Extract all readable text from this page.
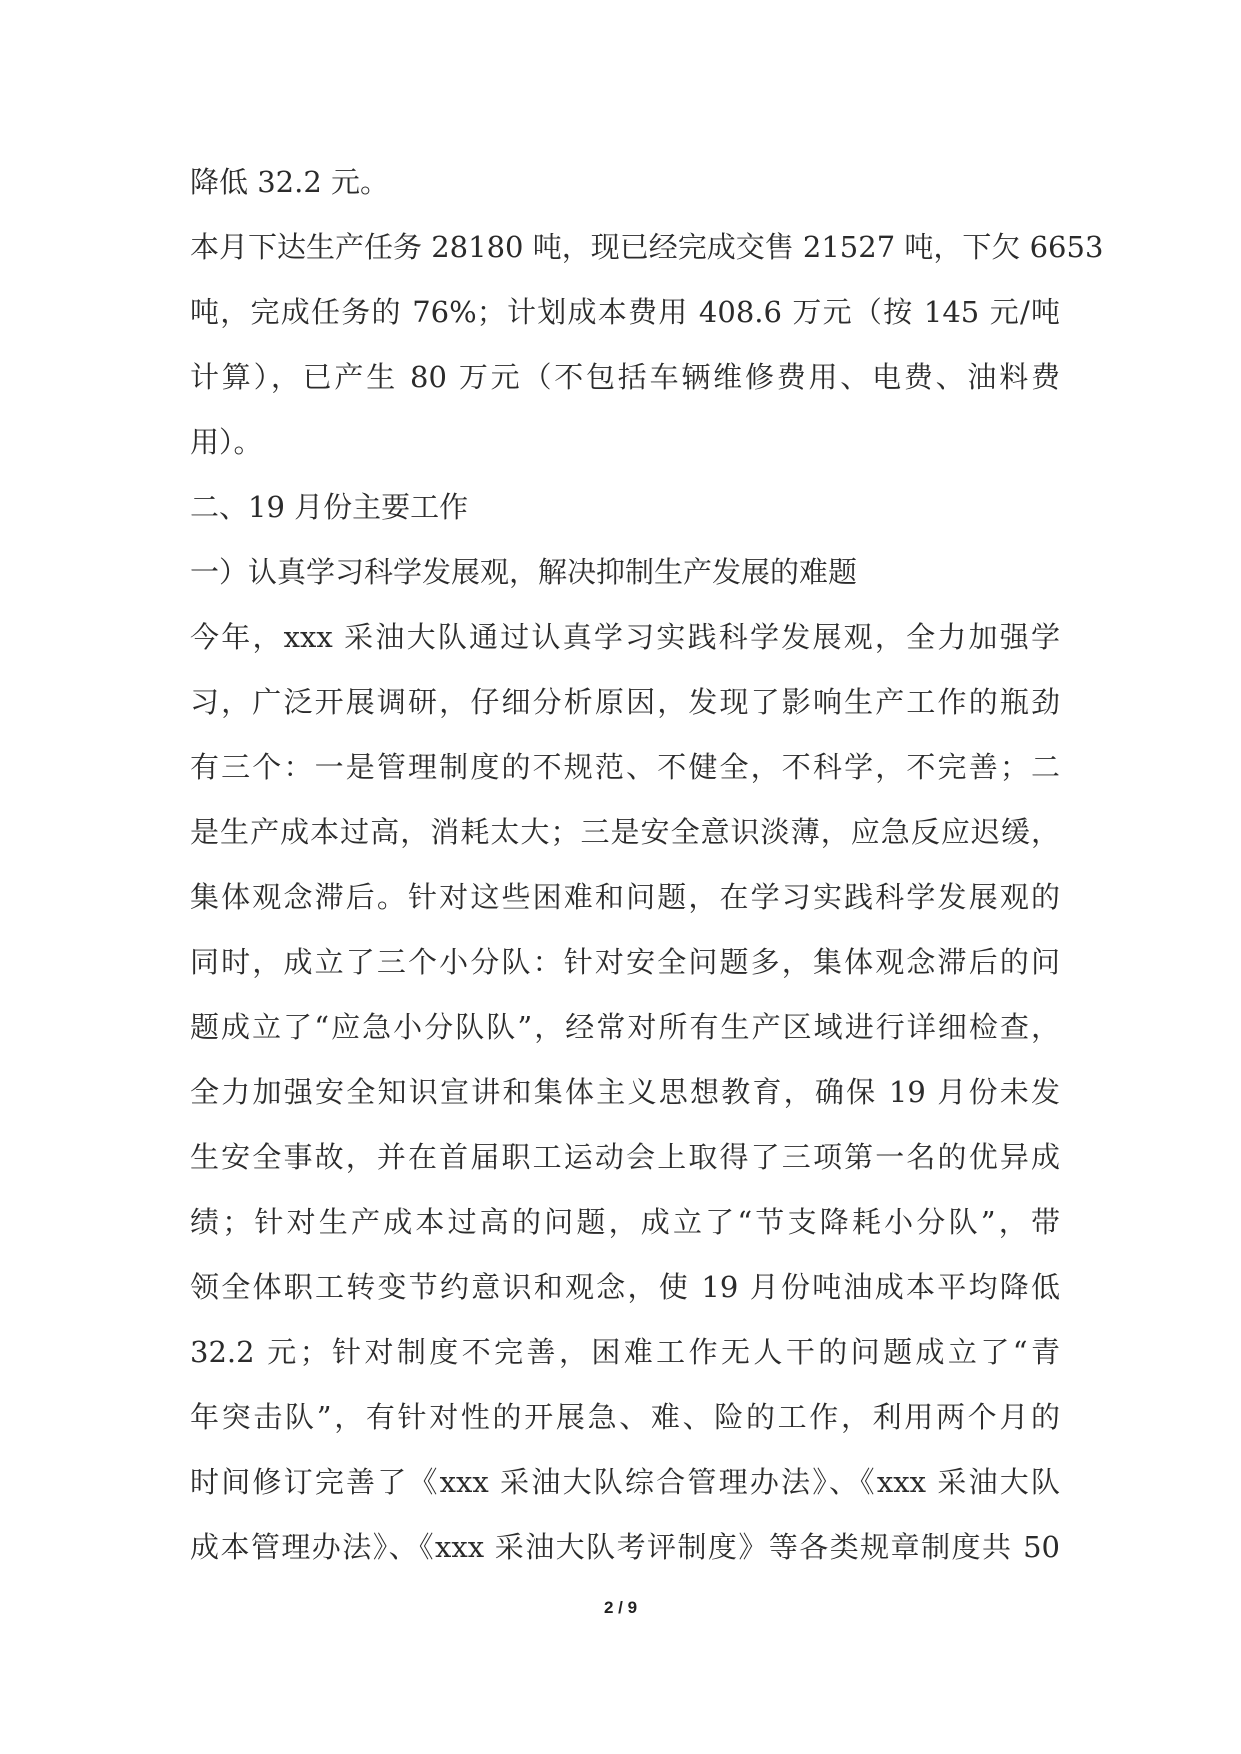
降低 32.2 元。
本月下达生产任务 28180 吨，现已经完成交售 21527 吨，下欠 6653
吨，完成任务的 76%；计划成本费用 408.6 万元（按 145 元/吨
计算），已产生 80 万元（不包括车辆维修费用、电费、油料费
用）。
二、19 月份主要工作
一）认真学习科学发展观，解决抑制生产发展的难题
今年，xxx 采油大队通过认真学习实践科学发展观，全力加强学
习，广泛开展调研，仔细分析原因，发现了影响生产工作的瓶劲
有三个：一是管理制度的不规范、不健全，不科学，不完善；二
是生产成本过高，消耗太大；三是安全意识淡薄，应急反应迟缓，
集体观念滞后。针对这些困难和问题，在学习实践科学发展观的
同时，成立了三个小分队：针对安全问题多，集体观念滞后的问
题成立了“应急小分队队”，经常对所有生产区域进行详细检查，
全力加强安全知识宣讲和集体主义思想教育，确保 19 月份未发
生安全事故，并在首届职工运动会上取得了三项第一名的优异成
绩；针对生产成本过高的问题，成立了“节支降耗小分队”，带
领全体职工转变节约意识和观念，使 19 月份吨油成本平均降低
32.2 元；针对制度不完善，困难工作无人干的问题成立了“青
年突击队”，有针对性的开展急、难、险的工作，利用两个月的
时间修订完善了《xxx 采油大队综合管理办法》、《xxx 采油大队
成本管理办法》、《xxx 采油大队考评制度》等各类规章制度共 50
2 / 9
